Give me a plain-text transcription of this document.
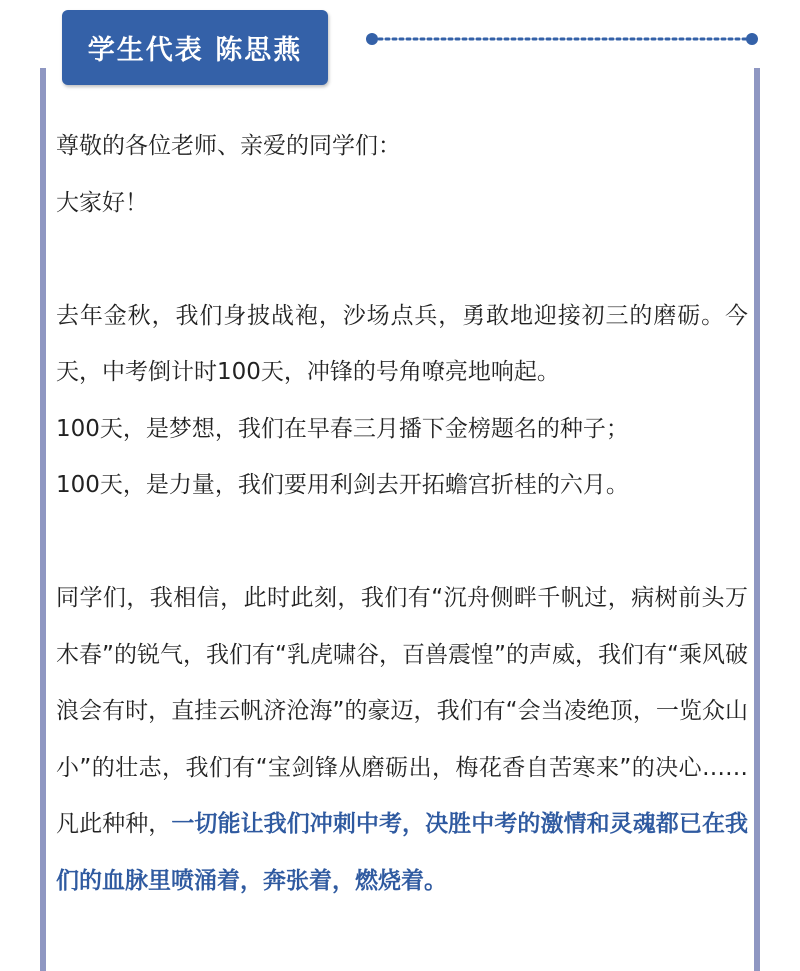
学生代表 陈思燕

尊敬的各位老师、亲爱的同学们：

大家好！

去年金秋，我们身披战袍，沙场点兵，勇敢地迎接初三的磨砺。今天，中考倒计时100天，冲锋的号角嘹亮地响起。

100天，是梦想，我们在早春三月播下金榜题名的种子；

100天，是力量，我们要用利剑去开拓蟾宫折桂的六月。

同学们，我相信，此时此刻，我们有“沉舟侧畔千帆过，病树前头万木春”的锐气，我们有“乳虎啸谷，百兽震惶”的声威，我们有“乘风破浪会有时，直挂云帆济沧海”的豪迈，我们有“会当凌绝顶，一览众山小”的壮志，我们有“宝剑锋从磨砺出，梅花香自苦寒来”的决心……凡此种种，一切能让我们冲刺中考，决胜中考的激情和灵魂都已在我们的血脉里喷涌着，奔张着，燃烧着。
